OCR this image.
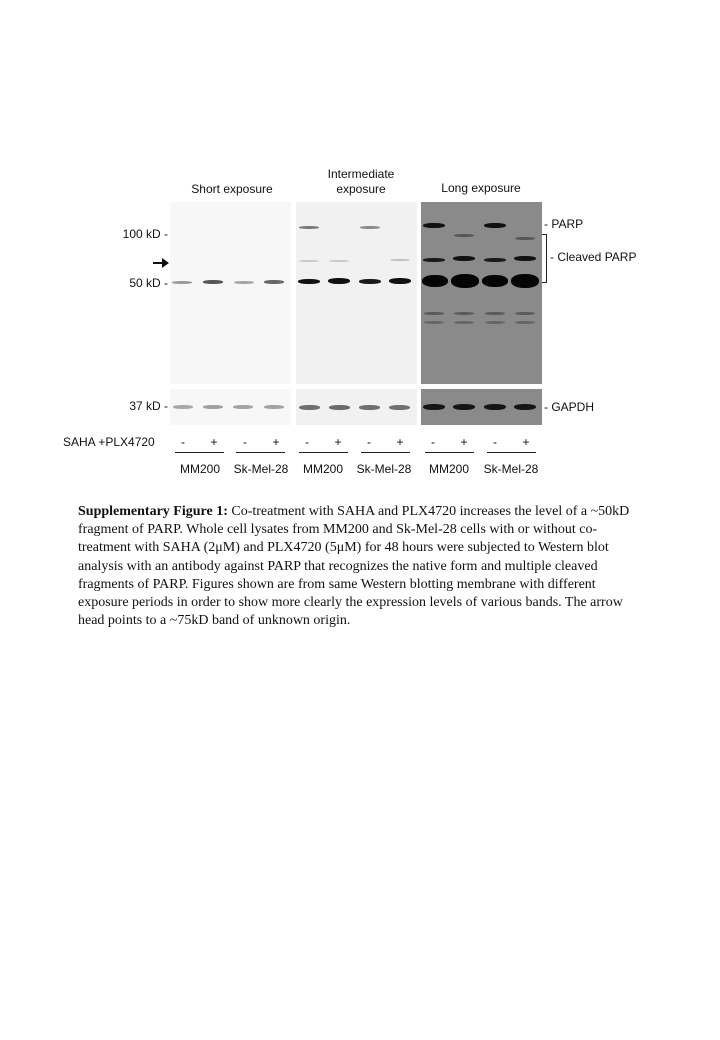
Short exposure
Intermediate exposure	Long exposure
100 kD -
50 kD -
37 kD -
- PARP
- Cleaved PARP
- GAPDH
SAHA +PLX4720	-	+	-	+	-	+	-	+	-	+	-	+
MM200	Sk-Mel-28	MM200	Sk-Mel-28	MM200	Sk-Mel-28
Supplementary Figure 1: Co-treatment with SAHA and PLX4720 increases the level of a ~50kD fragment of PARP. Whole cell lysates from MM200 and Sk-Mel-28 cells with or without co-treatment with SAHA (2μM) and PLX4720 (5μM) for 48 hours were subjected to Western blot analysis with an antibody against PARP that recognizes the native form and multiple cleaved fragments of PARP. Figures shown are from same Western blotting membrane with different exposure periods in order to show more clearly the expression levels of various bands. The arrow head points to a ~75kD band of unknown origin.
